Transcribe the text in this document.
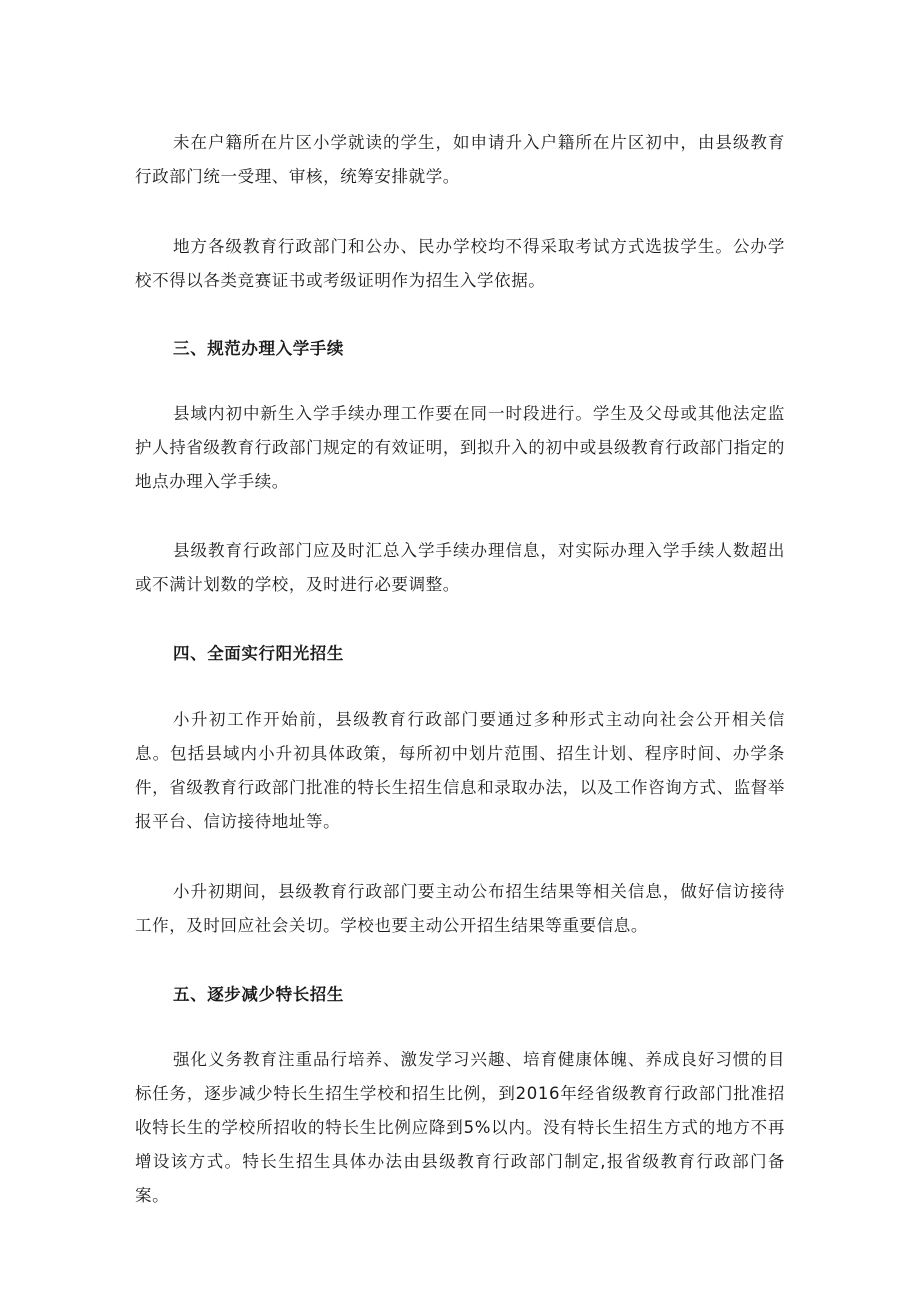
未在户籍所在片区小学就读的学生，如申请升入户籍所在片区初中，由县级教育行政部门统一受理、审核，统筹安排就学。

地方各级教育行政部门和公办、民办学校均不得采取考试方式选拔学生。公办学校不得以各类竞赛证书或考级证明作为招生入学依据。

三、规范办理入学手续

县域内初中新生入学手续办理工作要在同一时段进行。学生及父母或其他法定监护人持省级教育行政部门规定的有效证明，到拟升入的初中或县级教育行政部门指定的地点办理入学手续。

县级教育行政部门应及时汇总入学手续办理信息，对实际办理入学手续人数超出或不满计划数的学校，及时进行必要调整。

四、全面实行阳光招生

小升初工作开始前，县级教育行政部门要通过多种形式主动向社会公开相关信息。包括县域内小升初具体政策，每所初中划片范围、招生计划、程序时间、办学条件，省级教育行政部门批准的特长生招生信息和录取办法，以及工作咨询方式、监督举报平台、信访接待地址等。

小升初期间，县级教育行政部门要主动公布招生结果等相关信息，做好信访接待工作，及时回应社会关切。学校也要主动公开招生结果等重要信息。

五、逐步减少特长招生

强化义务教育注重品行培养、激发学习兴趣、培育健康体魄、养成良好习惯的目标任务，逐步减少特长生招生学校和招生比例，到2016年经省级教育行政部门批准招收特长生的学校所招收的特长生比例应降到5%以内。没有特长生招生方式的地方不再增设该方式。特长生招生具体办法由县级教育行政部门制定,报省级教育行政部门备案。
